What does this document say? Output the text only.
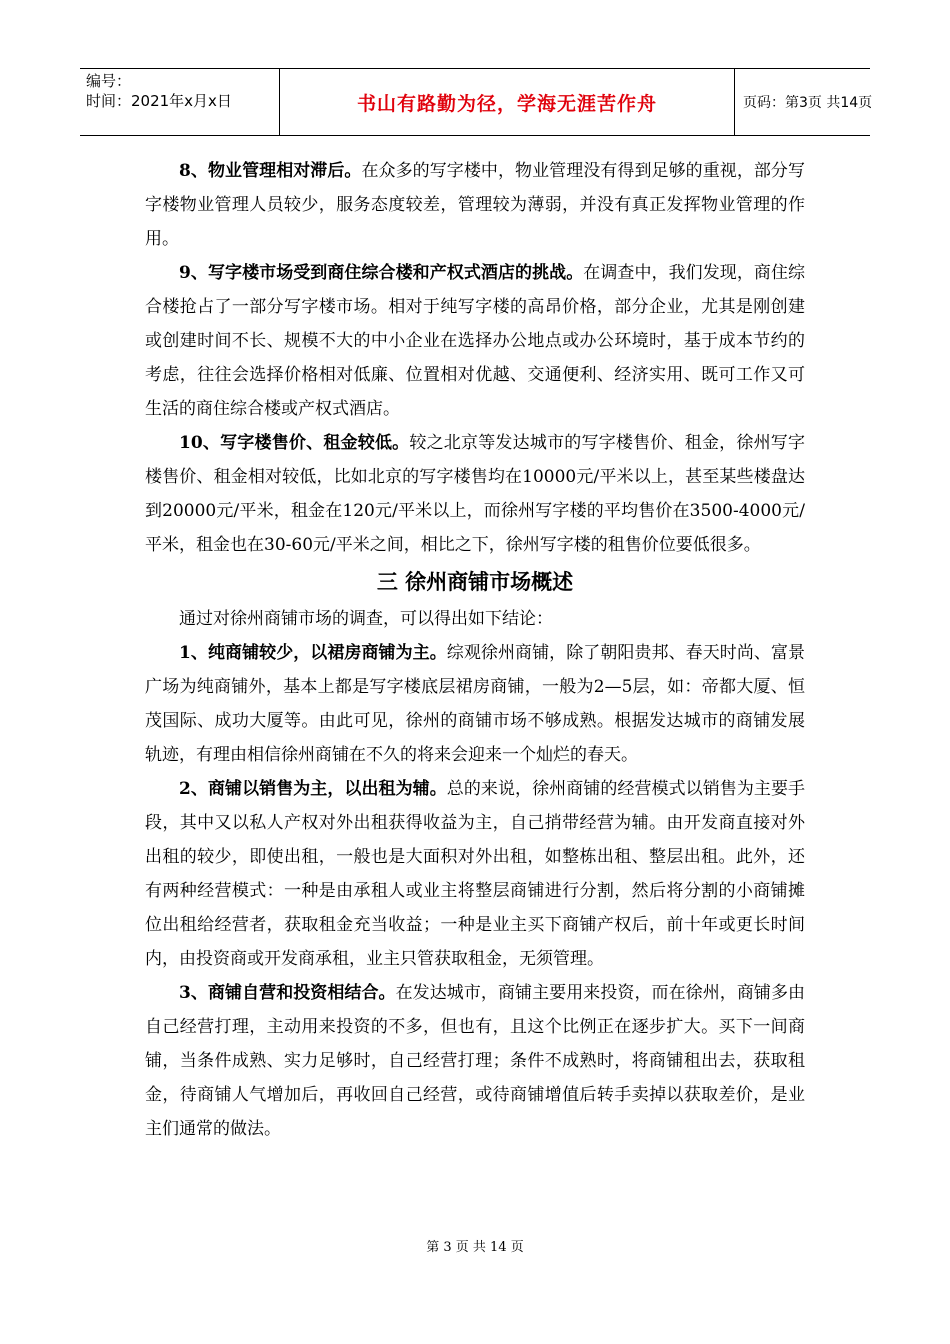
编号：
时间：2021年x月x日	书山有路勤为径，学海无涯苦作舟	页码：第3页 共14页

8、物业管理相对滞后。在众多的写字楼中，物业管理没有得到足够的重视，部分写字楼物业管理人员较少，服务态度较差，管理较为薄弱，并没有真正发挥物业管理的作用。

9、写字楼市场受到商住综合楼和产权式酒店的挑战。在调查中，我们发现，商住综合楼抢占了一部分写字楼市场。相对于纯写字楼的高昂价格，部分企业，尤其是刚创建或创建时间不长、规模不大的中小企业在选择办公地点或办公环境时，基于成本节约的考虑，往往会选择价格相对低廉、位置相对优越、交通便利、经济实用、既可工作又可生活的商住综合楼或产权式酒店。

10、写字楼售价、租金较低。较之北京等发达城市的写字楼售价、租金，徐州写字楼售价、租金相对较低，比如北京的写字楼售均在10000元/平米以上，甚至某些楼盘达到20000元/平米，租金在120元/平米以上，而徐州写字楼的平均售价在3500-4000元/平米，租金也在30-60元/平米之间，相比之下，徐州写字楼的租售价位要低很多。

三 徐州商铺市场概述

通过对徐州商铺市场的调查，可以得出如下结论：

1、纯商铺较少，以裙房商铺为主。综观徐州商铺，除了朝阳贵邦、春天时尚、富景广场为纯商铺外，基本上都是写字楼底层裙房商铺，一般为2—5层，如：帝都大厦、恒茂国际、成功大厦等。由此可见，徐州的商铺市场不够成熟。根据发达城市的商铺发展轨迹，有理由相信徐州商铺在不久的将来会迎来一个灿烂的春天。

2、商铺以销售为主，以出租为辅。总的来说，徐州商铺的经营模式以销售为主要手段，其中又以私人产权对外出租获得收益为主，自己捎带经营为辅。由开发商直接对外出租的较少，即使出租，一般也是大面积对外出租，如整栋出租、整层出租。此外，还有两种经营模式：一种是由承租人或业主将整层商铺进行分割，然后将分割的小商铺摊位出租给经营者，获取租金充当收益；一种是业主买下商铺产权后，前十年或更长时间内，由投资商或开发商承租，业主只管获取租金，无须管理。

3、商铺自营和投资相结合。在发达城市，商铺主要用来投资，而在徐州，商铺多由自己经营打理，主动用来投资的不多，但也有，且这个比例正在逐步扩大。买下一间商铺，当条件成熟、实力足够时，自己经营打理；条件不成熟时，将商铺租出去，获取租金，待商铺人气增加后，再收回自己经营，或待商铺增值后转手卖掉以获取差价，是业主们通常的做法。

第 3 页 共 14 页
